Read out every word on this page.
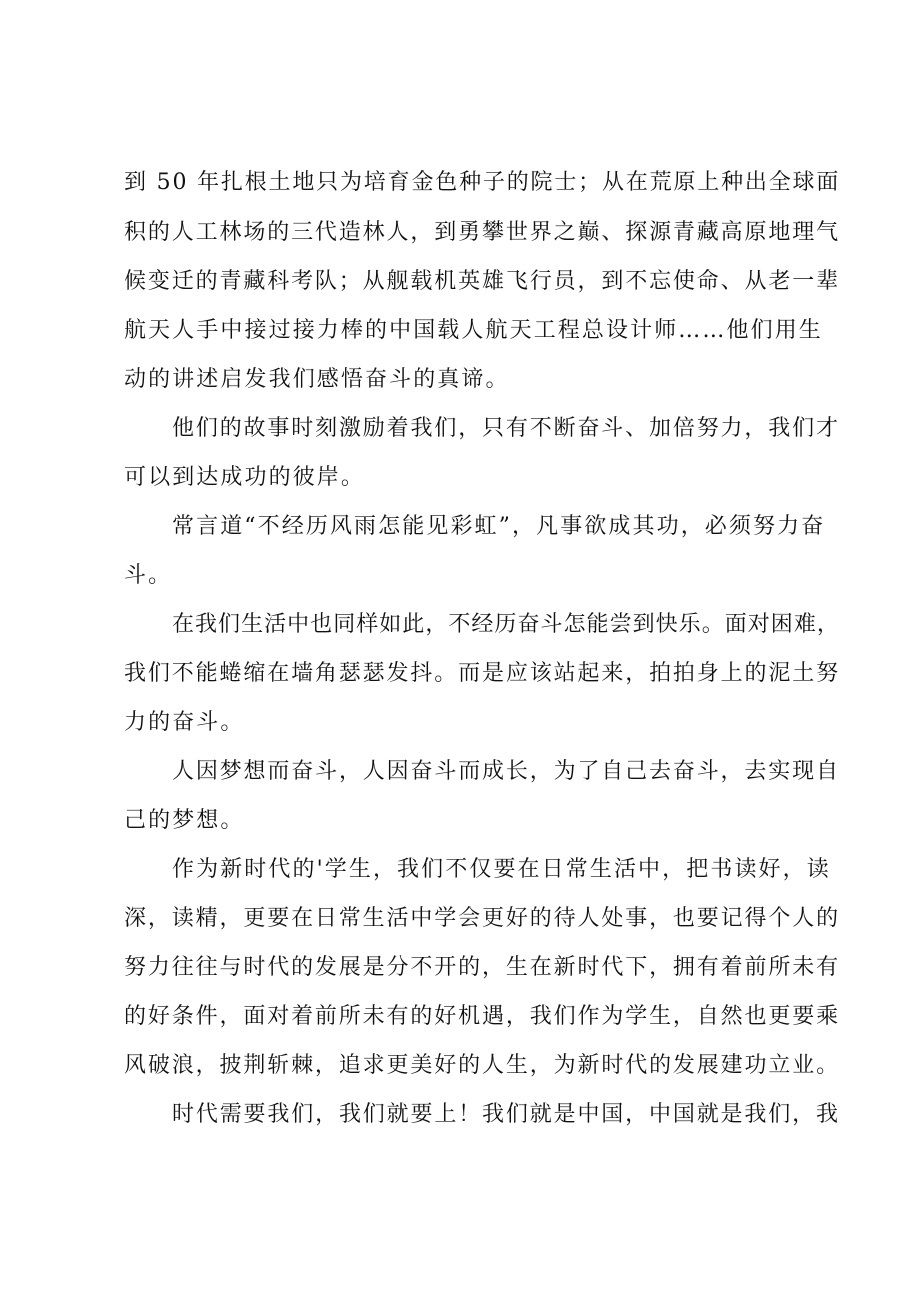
到 50 年扎根土地只为培育金色种子的院士；从在荒原上种出全球面
积的人工林场的三代造林人，到勇攀世界之巅、探源青藏高原地理气
候变迁的青藏科考队；从舰载机英雄飞行员，到不忘使命、从老一辈
航天人手中接过接力棒的中国载人航天工程总设计师……他们用生
动的讲述启发我们感悟奋斗的真谛。
他们的故事时刻激励着我们，只有不断奋斗、加倍努力，我们才
可以到达成功的彼岸。
常言道“不经历风雨怎能见彩虹”，凡事欲成其功，必须努力奋
斗。
在我们生活中也同样如此，不经历奋斗怎能尝到快乐。面对困难，
我们不能蜷缩在墙角瑟瑟发抖。而是应该站起来，拍拍身上的泥土努
力的奋斗。
人因梦想而奋斗，人因奋斗而成长，为了自己去奋斗，去实现自
己的梦想。
作为新时代的'学生，我们不仅要在日常生活中，把书读好，读
深，读精，更要在日常生活中学会更好的待人处事，也要记得个人的
努力往往与时代的发展是分不开的，生在新时代下，拥有着前所未有
的好条件，面对着前所未有的好机遇，我们作为学生，自然也更要乘
风破浪，披荆斩棘，追求更美好的人生，为新时代的发展建功立业。
时代需要我们，我们就要上！我们就是中国，中国就是我们，我
